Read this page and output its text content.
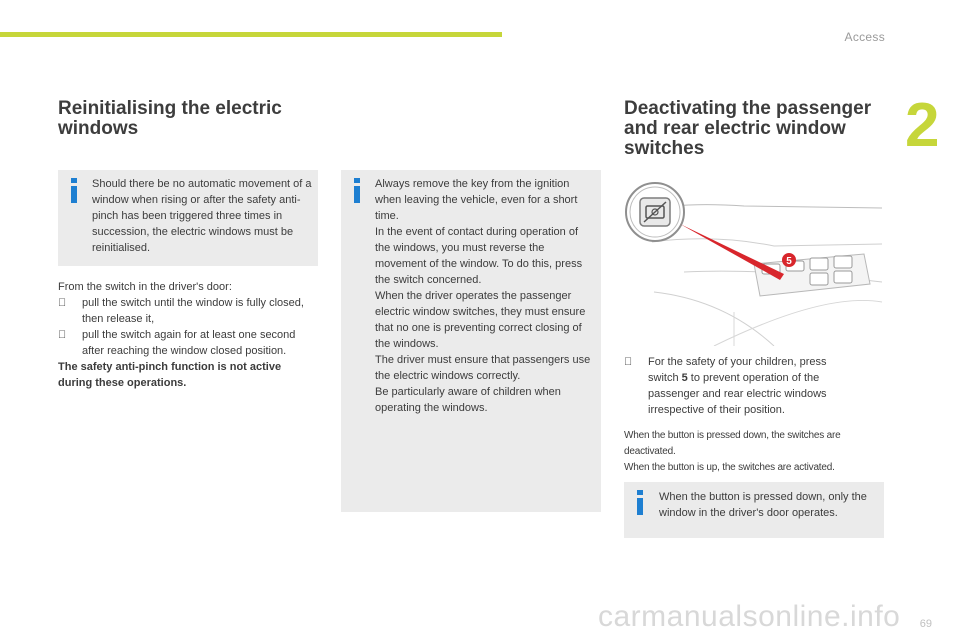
Access
2
Reinitialising the electric
windows
Should there be no automatic movement of a window when rising or after the safety anti-pinch has been triggered three times in succession, the electric windows must be reinitialised.
From the switch in the driver's door:
pull the switch until the window is fully closed, then release it,
pull the switch again for at least one second after reaching the window closed position.
The safety anti-pinch function is not active
during these operations.
Always remove the key from the ignition when leaving the vehicle, even for a short time.
In the event of contact during operation of the windows, you must reverse the movement of the window. To do this, press the switch concerned.
When the driver operates the passenger electric window switches, they must ensure that no one is preventing correct closing of the windows.
The driver must ensure that passengers use the electric windows correctly.
Be particularly aware of children when operating the windows.
Deactivating the passenger
and rear electric window
switches
5
For the safety of your children, press switch 5 to prevent operation of the passenger and rear electric windows irrespective of their position.
When the button is pressed down, the switches are deactivated.
When the button is up, the switches are activated.
When the button is pressed down, only the window in the driver's door operates.
carmanualsonline.info 69
